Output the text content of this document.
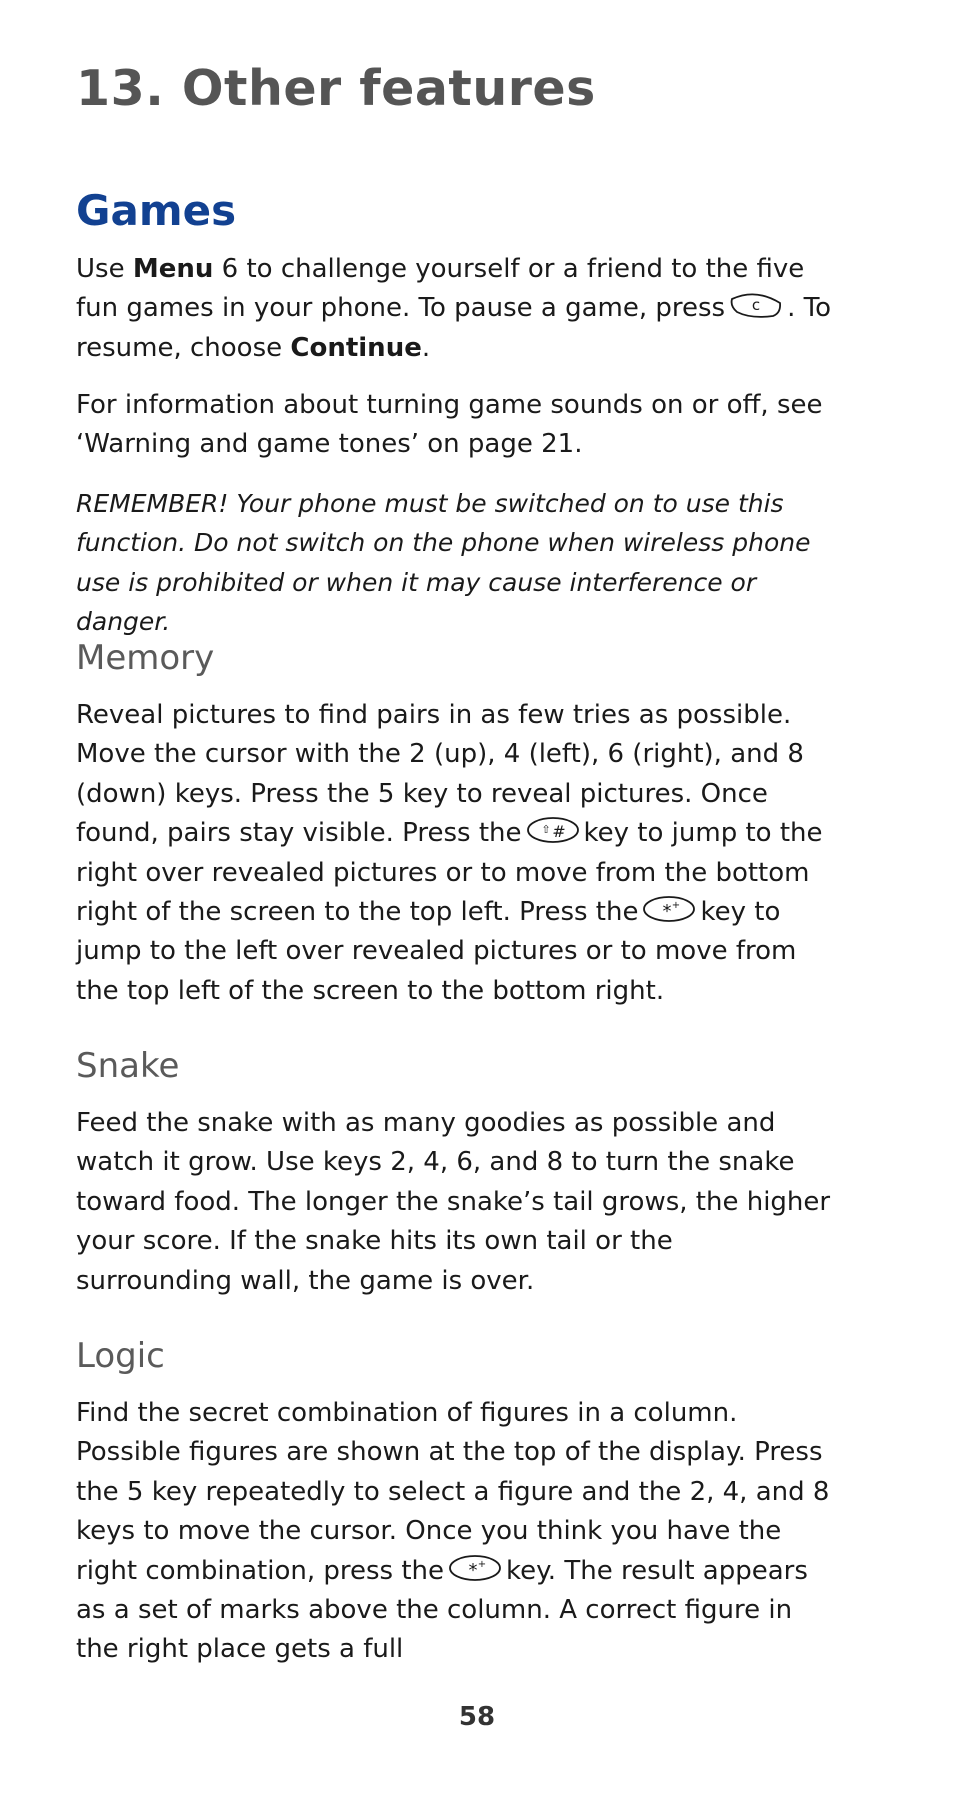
13. Other features
Games

Use Menu 6 to challenge yourself or a friend to the five fun games in your phone. To pause a game, press c . To resume, choose Continue.

For information about turning game sounds on or off, see ‘Warning and game tones’ on page 21.

REMEMBER! Your phone must be switched on to use this function. Do not switch on the phone when wireless phone use is prohibited or when it may cause interference or danger.

Memory

Reveal pictures to find pairs in as few tries as possible. Move the cursor with the 2 (up), 4 (left), 6 (right), and 8 (down) keys. Press the 5 key to reveal pictures. Once found, pairs stay visible. Press the ⇧ # key to jump to the right over revealed pictures or to move from the bottom right of the screen to the top left. Press the * + key to jump to the left over revealed pictures or to move from the top left of the screen to the bottom right.

Snake

Feed the snake with as many goodies as possible and watch it grow. Use keys 2, 4, 6, and 8 to turn the snake toward food. The longer the snake’s tail grows, the higher your score. If the snake hits its own tail or the surrounding wall, the game is over.

Logic

Find the secret combination of figures in a column. Possible figures are shown at the top of the display. Press the 5 key repeatedly to select a figure and the 2, 4, and 8 keys to move the cursor. Once you think you have the right combination, press the * + key. The result appears as a set of marks above the column. A correct figure in the right place gets a full

58
